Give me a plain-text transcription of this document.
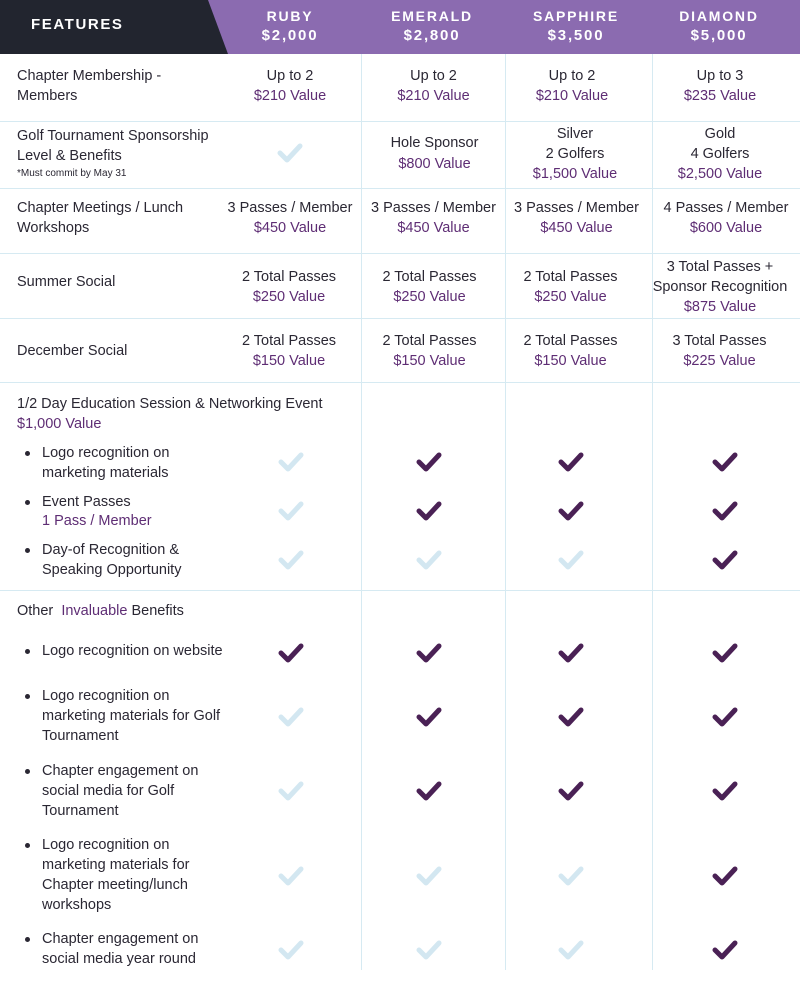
FEATURES	RUBY
$2,000
EMERALD
$2,800
SAPPHIRE
$3,500
DIAMOND
$5,000
Chapter Membership -
Members
Up to 2
$210 Value
Up to 2
$210 Value
Up to 2
$210 Value
Up to 3
$235 Value
Golf Tournament Sponsorship
Level & Benefits
*Must commit by May 31
Hole Sponsor
$800 Value
Silver
2 Golfers
$1,500 Value
Gold
4 Golfers
$2,500 Value
Chapter Meetings / Lunch
Workshops
3 Passes / Member
$450 Value
3 Passes / Member
$450 Value
3 Passes / Member
$450 Value
4 Passes / Member
$600 Value
Summer Social	2 Total Passes
$250 Value
2 Total Passes
$250 Value
2 Total Passes
$250 Value
3 Total Passes +
Sponsor Recognition
$875 Value
December Social
2 Total Passes
$150 Value
2 Total Passes
$150 Value
2 Total Passes
$150 Value
3 Total Passes
$225 Value
1/2 Day Education Session & Networking Event
$1,000 Value
Logo recognition on
marketing materials
Event Passes
1 Pass / Member
Day-of Recognition &
Speaking Opportunity
Other Invaluable Benefits
Logo recognition on website
Logo recognition on
marketing materials for Golf
Tournament
Chapter engagement on
social media for Golf
Tournament
Logo recognition on
marketing materials for
Chapter meeting/lunch
workshops
Chapter engagement on
social media year round
